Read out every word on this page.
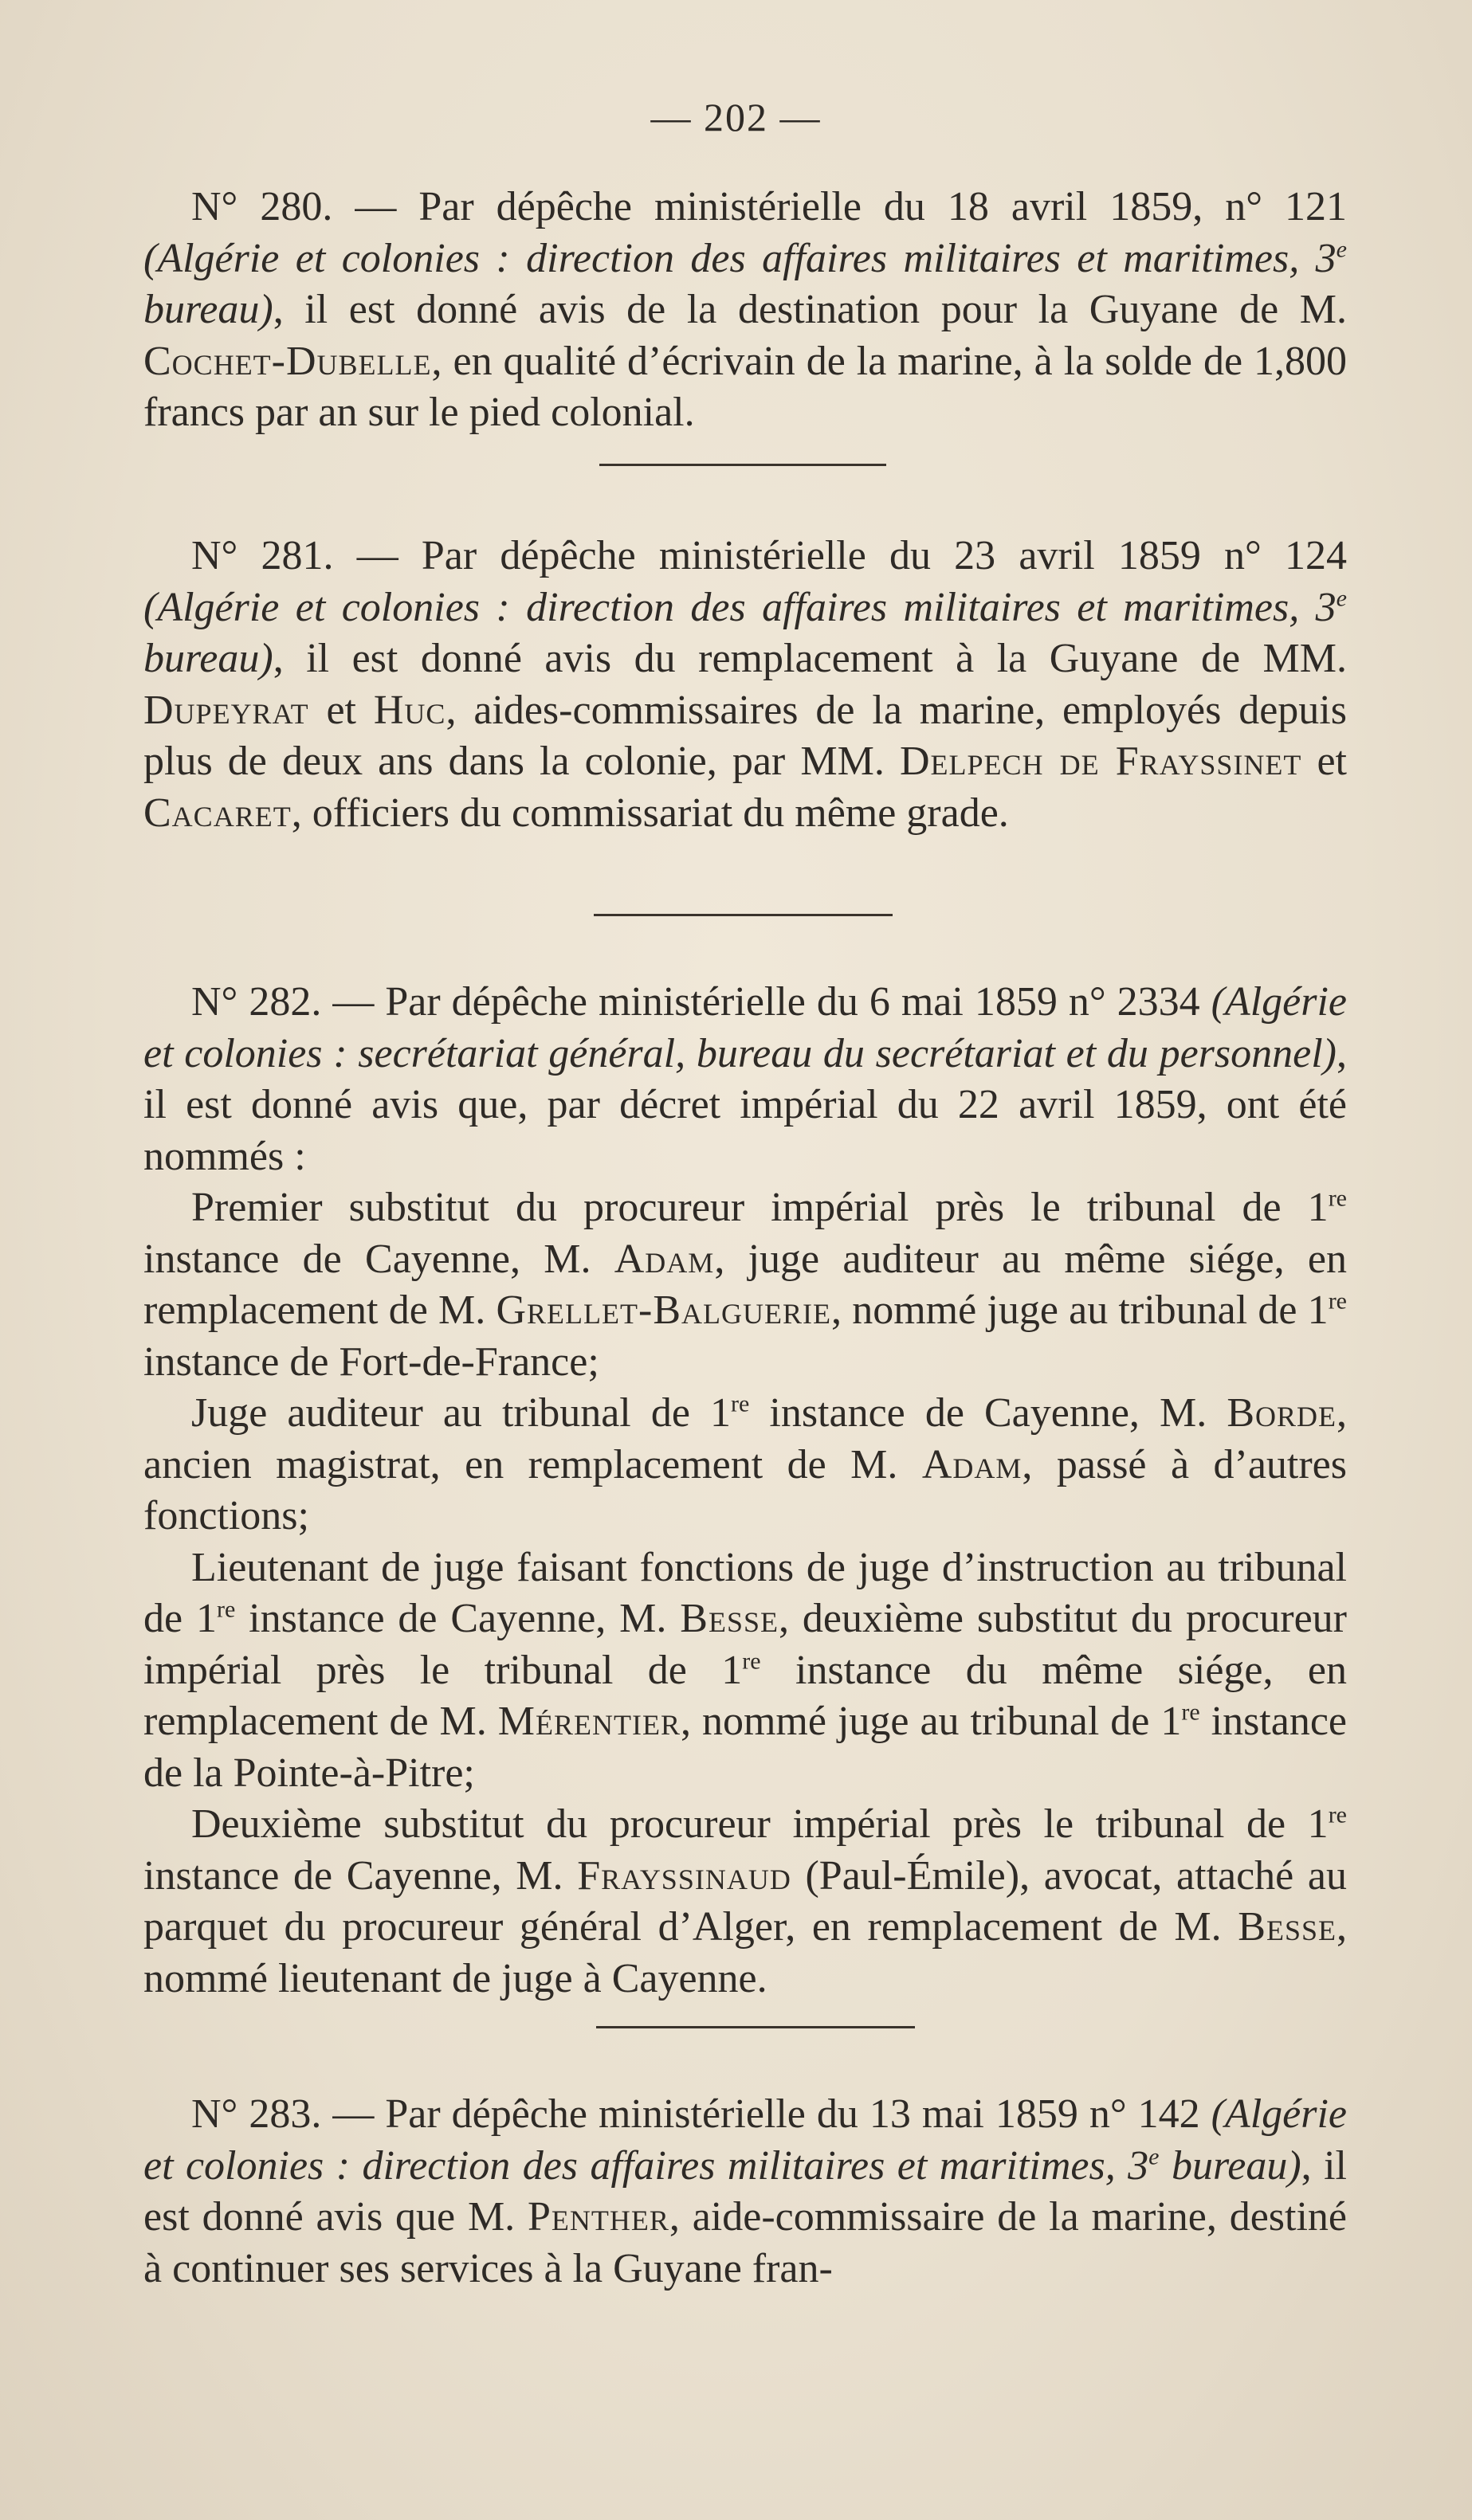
— 202 —

N° 280. — Par dépêche ministérielle du 18 avril 1859, n° 121 (Algérie et colonies : direction des affaires militaires et maritimes, 3e bureau), il est donné avis de la destination pour la Guyane de M. Cochet-Dubelle, en qualité d’écrivain de la marine, à la solde de 1,800 francs par an sur le pied colonial.

N° 281. — Par dépêche ministérielle du 23 avril 1859 n° 124 (Algérie et colonies : direction des affaires militaires et maritimes, 3e bureau), il est donné avis du remplacement à la Guyane de MM. Dupeyrat et Huc, aides-commissaires de la marine, employés depuis plus de deux ans dans la colonie, par MM. Delpech de Frayssinet et Cacaret, officiers du commissariat du même grade.

N° 282. — Par dépêche ministérielle du 6 mai 1859 n° 2334 (Algérie et colonies : secrétariat général, bureau du secrétariat et du personnel), il est donné avis que, par décret impérial du 22 avril 1859, ont été nommés :

Premier substitut du procureur impérial près le tribunal de 1re instance de Cayenne, M. Adam, juge auditeur au même siége, en remplacement de M. Grellet-Balguerie, nommé juge au tribunal de 1re instance de Fort-de-France;

Juge auditeur au tribunal de 1re instance de Cayenne, M. Borde, ancien magistrat, en remplacement de M. Adam, passé à d’autres fonctions;

Lieutenant de juge faisant fonctions de juge d’instruction au tribunal de 1re instance de Cayenne, M. Besse, deuxième substitut du procureur impérial près le tribunal de 1re instance du même siége, en remplacement de M. Mérentier, nommé juge au tribunal de 1re instance de la Pointe-à-Pitre;

Deuxième substitut du procureur impérial près le tribunal de 1re instance de Cayenne, M. Frayssinaud (Paul-Émile), avocat, attaché au parquet du procureur général d’Alger, en remplacement de M. Besse, nommé lieutenant de juge à Cayenne.

N° 283. — Par dépêche ministérielle du 13 mai 1859 n° 142 (Algérie et colonies : direction des affaires militaires et maritimes, 3e bureau), il est donné avis que M. Penther, aide-commissaire de la marine, destiné à continuer ses services à la Guyane fran-
